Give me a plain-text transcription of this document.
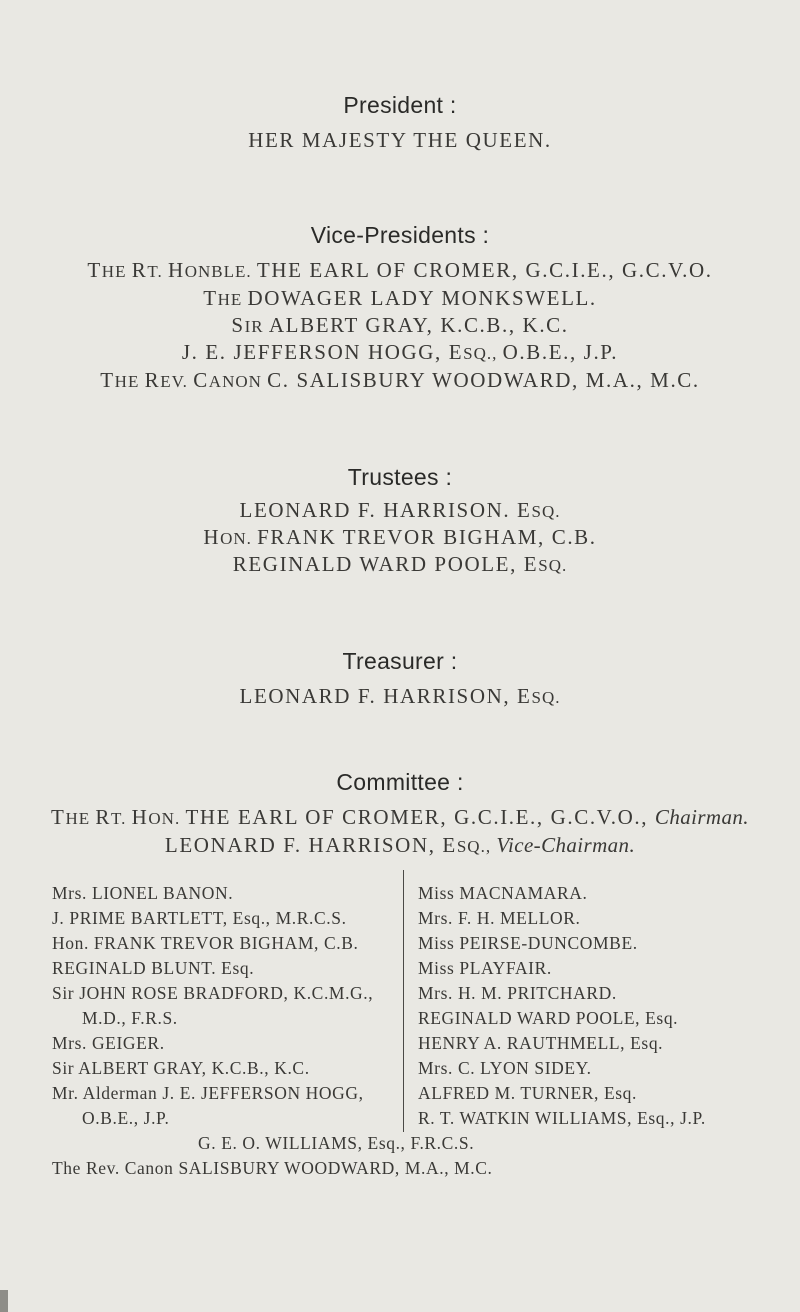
President :
HER MAJESTY THE QUEEN.
Vice-Presidents :
THE RT. HONBLE. THE EARL OF CROMER, G.C.I.E., G.C.V.O.
THE DOWAGER LADY MONKSWELL.
SIR ALBERT GRAY, K.C.B., K.C.
J. E. JEFFERSON HOGG, ESQ., O.B.E., J.P.
THE REV. CANON C. SALISBURY WOODWARD, M.A., M.C.
Trustees :
LEONARD F. HARRISON. ESQ.
HON. FRANK TREVOR BIGHAM, C.B.
REGINALD WARD POOLE, ESQ.
Treasurer :
LEONARD F. HARRISON, ESQ.
Committee :
THE RT. HON. THE EARL OF CROMER, G.C.I.E., G.C.V.O., Chairman.
LEONARD F. HARRISON, ESQ., Vice-Chairman.
Mrs. LIONEL BANON.
J. PRIME BARTLETT, Esq., M.R.C.S.
Hon. FRANK TREVOR BIGHAM, C.B.
REGINALD BLUNT. Esq.
Sir JOHN ROSE BRADFORD, K.C.M.G.,
M.D., F.R.S.
Mrs. GEIGER.
Sir ALBERT GRAY, K.C.B., K.C.
Mr. Alderman J. E. JEFFERSON HOGG,
O.B.E., J.P.
Miss MACNAMARA.
Mrs. F. H. MELLOR.
Miss PEIRSE-DUNCOMBE.
Miss PLAYFAIR.
Mrs. H. M. PRITCHARD.
REGINALD WARD POOLE, Esq.
HENRY A. RAUTHMELL, Esq.
Mrs. C. LYON SIDEY.
ALFRED M. TURNER, Esq.
R. T. WATKIN WILLIAMS, Esq., J.P.
G. E. O. WILLIAMS, Esq., F.R.C.S.
The Rev. Canon SALISBURY WOODWARD, M.A., M.C.
